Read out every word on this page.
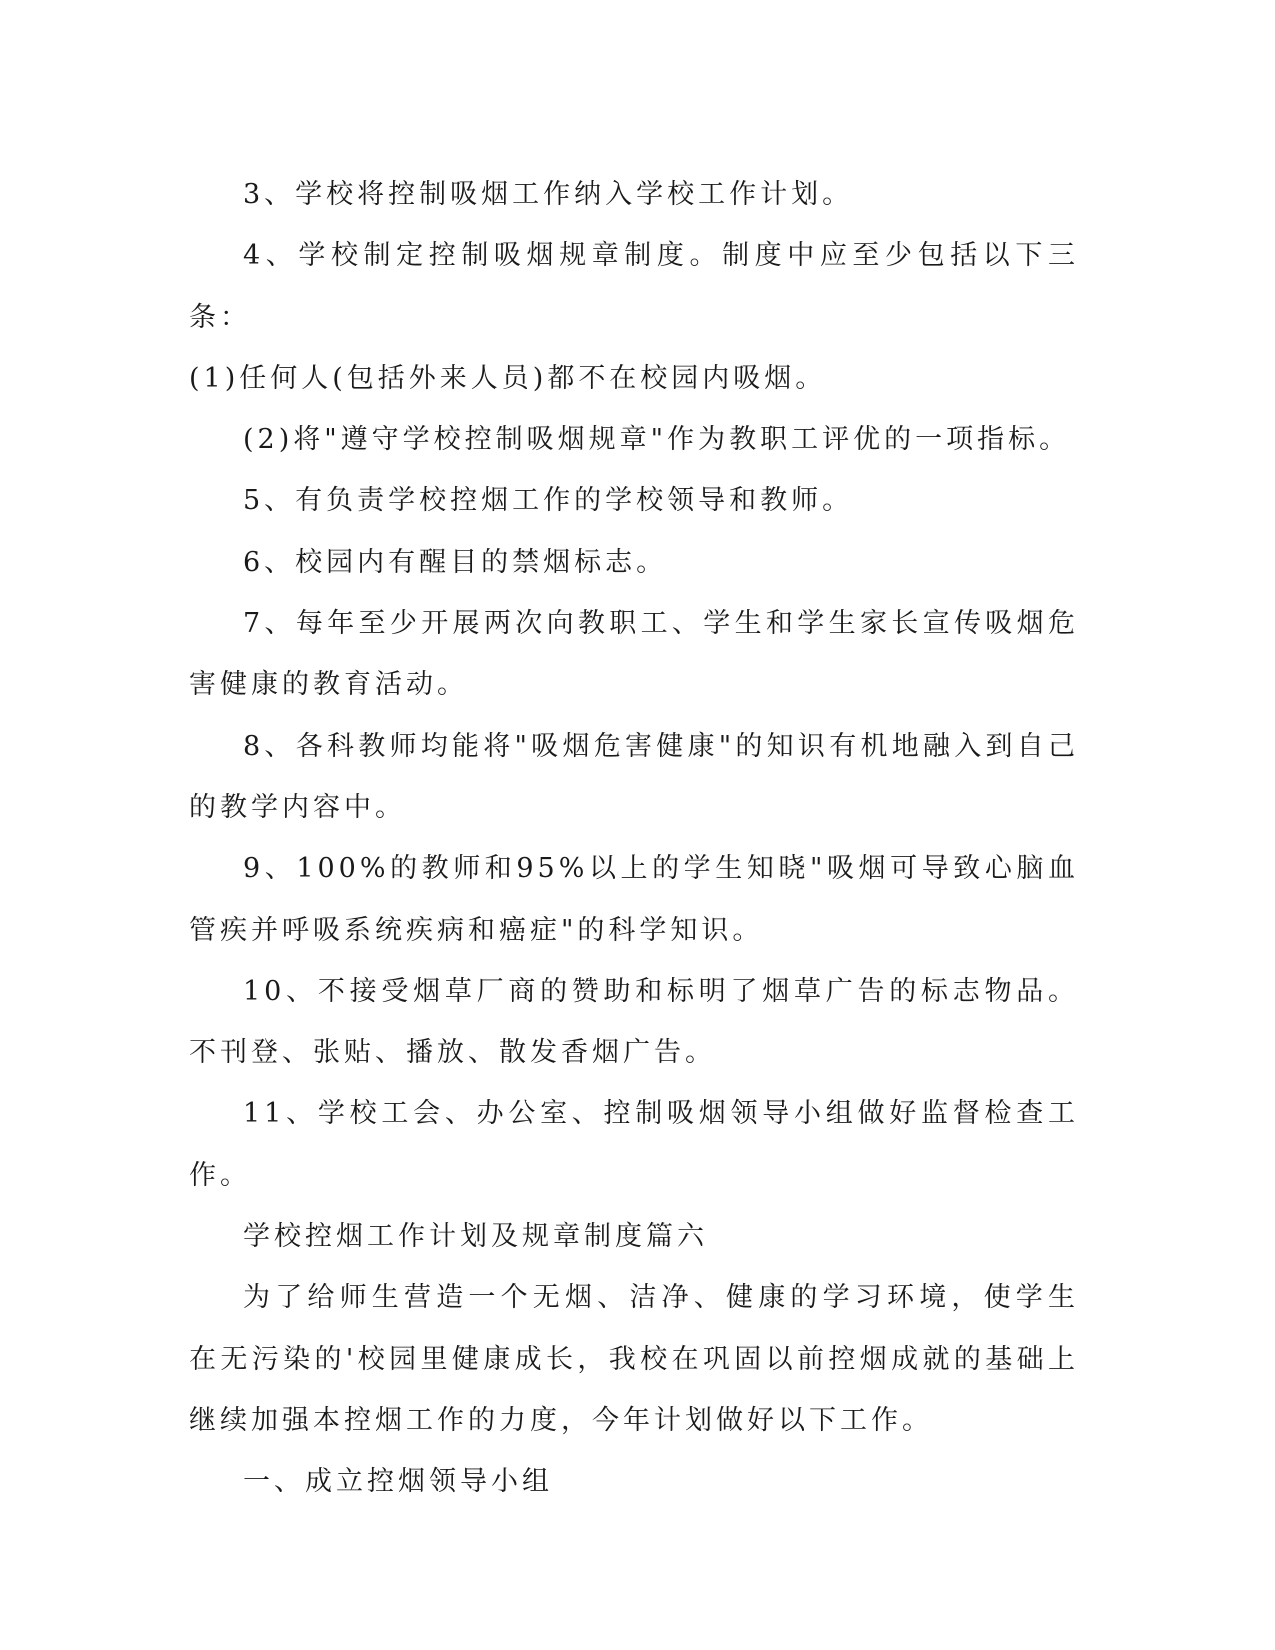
3、学校将控制吸烟工作纳入学校工作计划。

4、学校制定控制吸烟规章制度。制度中应至少包括以下三条：

(1)任何人(包括外来人员)都不在校园内吸烟。

(2)将"遵守学校控制吸烟规章"作为教职工评优的一项指标。

5、有负责学校控烟工作的学校领导和教师。

6、校园内有醒目的禁烟标志。

7、每年至少开展两次向教职工、学生和学生家长宣传吸烟危害健康的教育活动。

8、各科教师均能将"吸烟危害健康"的知识有机地融入到自己的教学内容中。

9、100%的教师和95%以上的学生知晓"吸烟可导致心脑血管疾并呼吸系统疾病和癌症"的科学知识。

10、不接受烟草厂商的赞助和标明了烟草广告的标志物品。不刊登、张贴、播放、散发香烟广告。

11、学校工会、办公室、控制吸烟领导小组做好监督检查工作。

学校控烟工作计划及规章制度篇六

为了给师生营造一个无烟、洁净、健康的学习环境，使学生在无污染的'校园里健康成长，我校在巩固以前控烟成就的基础上继续加强本控烟工作的力度，今年计划做好以下工作。

一、成立控烟领导小组
